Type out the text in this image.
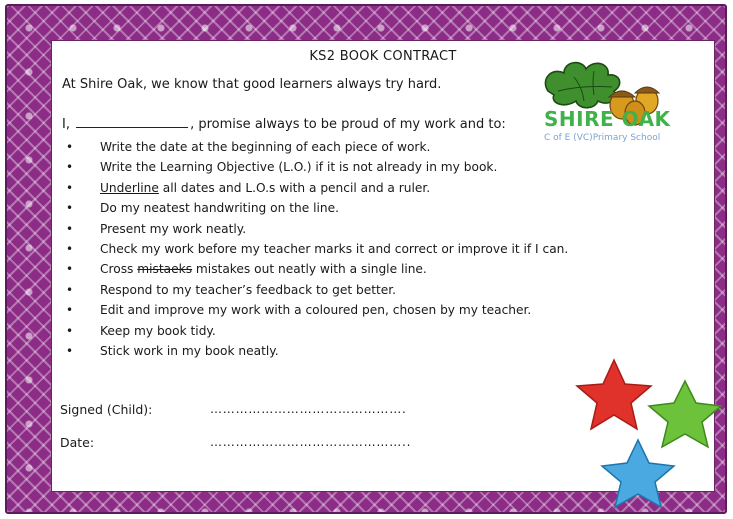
KS2 BOOK CONTRACT
At Shire Oak, we know that good learners always try hard.
I,	, promise always to be proud of my work and to:
• Write the date at the beginning of each piece of work.
• Write the Learning Objective (L.O.) if it is not already in my book.
• Underline all dates and L.O.s with a pencil and a ruler.
• Do my neatest handwriting on the line.
• Present my work neatly.
• Check my work before my teacher marks it and correct or improve it if I can.
• Cross mistaeks mistakes out neatly with a single line.
• Respond to my teacher’s feedback to get better.
• Edit and improve my work with a coloured pen, chosen by my teacher.
• Keep my book tidy.
• Stick work in my book neatly.
Signed (Child):	……………………………………….
Date:	………………………………………..
SHIRE OAK
C of E (VC)Primary School
